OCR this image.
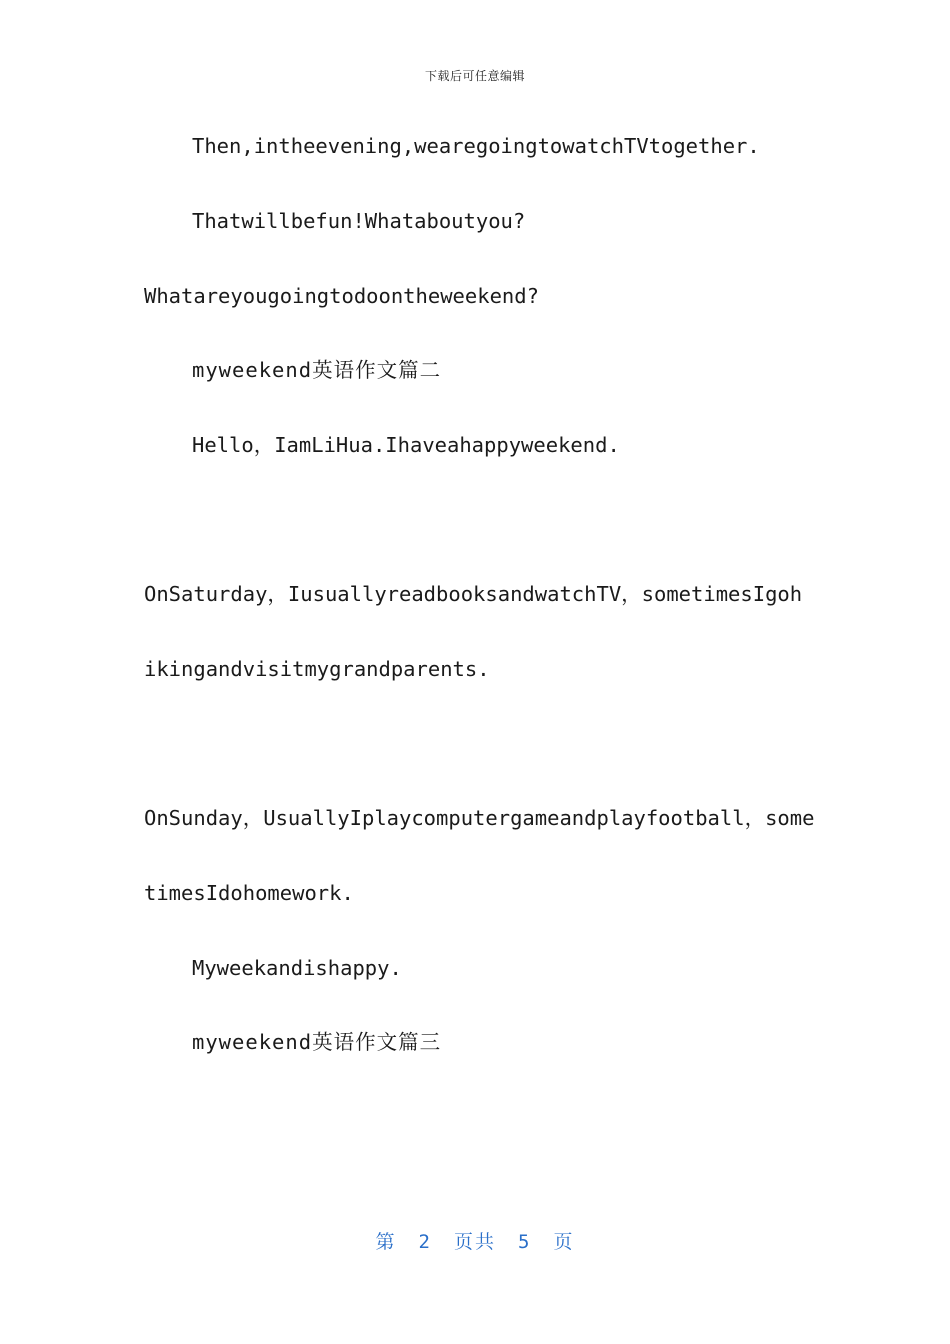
下载后可任意编辑
Then,intheevening,wearegoingtowatchTVtogether.
Thatwillbefun!Whataboutyou?
Whatareyougoingtodoontheweekend?
myweekend英语作文篇二
Hello，IamLiHua.Ihaveahappyweekend.
OnSaturday，IusuallyreadbooksandwatchTV，sometimesIgoh
ikingandvisitmygrandparents.
OnSunday，UsuallyIplaycomputergameandplayfootball，some
timesIdohomework.
Myweekandishappy.
myweekend英语作文篇三
第 2 页共 5 页
